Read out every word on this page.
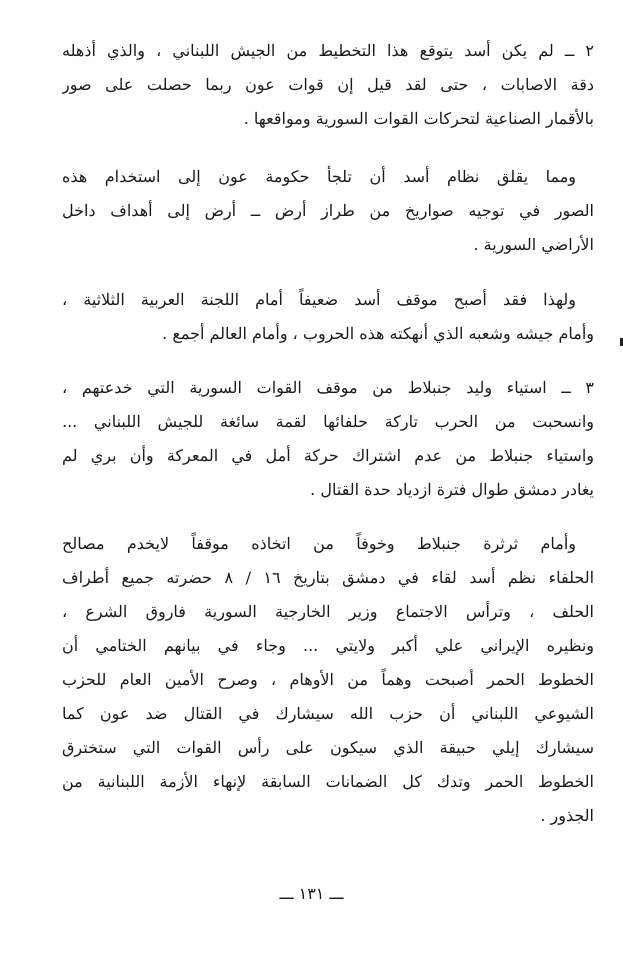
٢ ــ لم يكن أسد يتوقع هذا التخطيط من الجيش اللبناني ، والذي أذهله
دقة الاصابات ، حتى لقد قيل إن قوات عون ربما حصلت على صور
بالأقمار الصناعية لتحركات القوات السورية ومواقعها .
ومما يقلق نظام أسد أن تلجأ حكومة عون إلى استخدام هذه
الصور في توجيه صواريخ من طراز أرض ــ أرض إلى أهداف داخل
الأراضي السورية .
ولهذا فقد أصبح موقف أسد ضعيفاً أمام اللجنة العربية الثلاثية ،
وأمام جيشه وشعبه الذي أنهكته هذه الحروب ، وأمام العالم أجمع .
٣ ــ استياء وليد جنبلاط من موقف القوات السورية التي خدعتهم ،
وانسحبت من الحرب تاركة حلفائها لقمة سائغة للجيش اللبناني ...
واستياء جنبلاط من عدم اشتراك حركة أمل في المعركة وأن بري لم
يغادر دمشق طوال فترة ازدياد حدة القتال .
وأمام ثرثرة جنبلاط وخوفاً من اتخاذه موقفاً لايخدم مصالح
الحلفاء نظم أسد لقاء في دمشق بتاريخ ١٦ / ٨ حضرته جميع أطراف
الحلف ، وترأس الاجتماع وزير الخارجية السورية فاروق الشرع ،
ونظيره الإيراني علي أكبر ولايتي ... وجاء في بيانهم الختامي أن
الخطوط الحمر أصبحت وهماً من الأوهام ، وصرح الأمين العام للحزب
الشيوعي اللبناني أن حزب الله سيشارك في القتال ضد عون كما
سيشارك إيلي حبيقة الذي سيكون على رأس القوات التي ستخترق
الخطوط الحمر وتدك كل الضمانات السابقة لإنهاء الأزمة اللبنانية من
الجذور .
ـــ ١٣١ ـــ
